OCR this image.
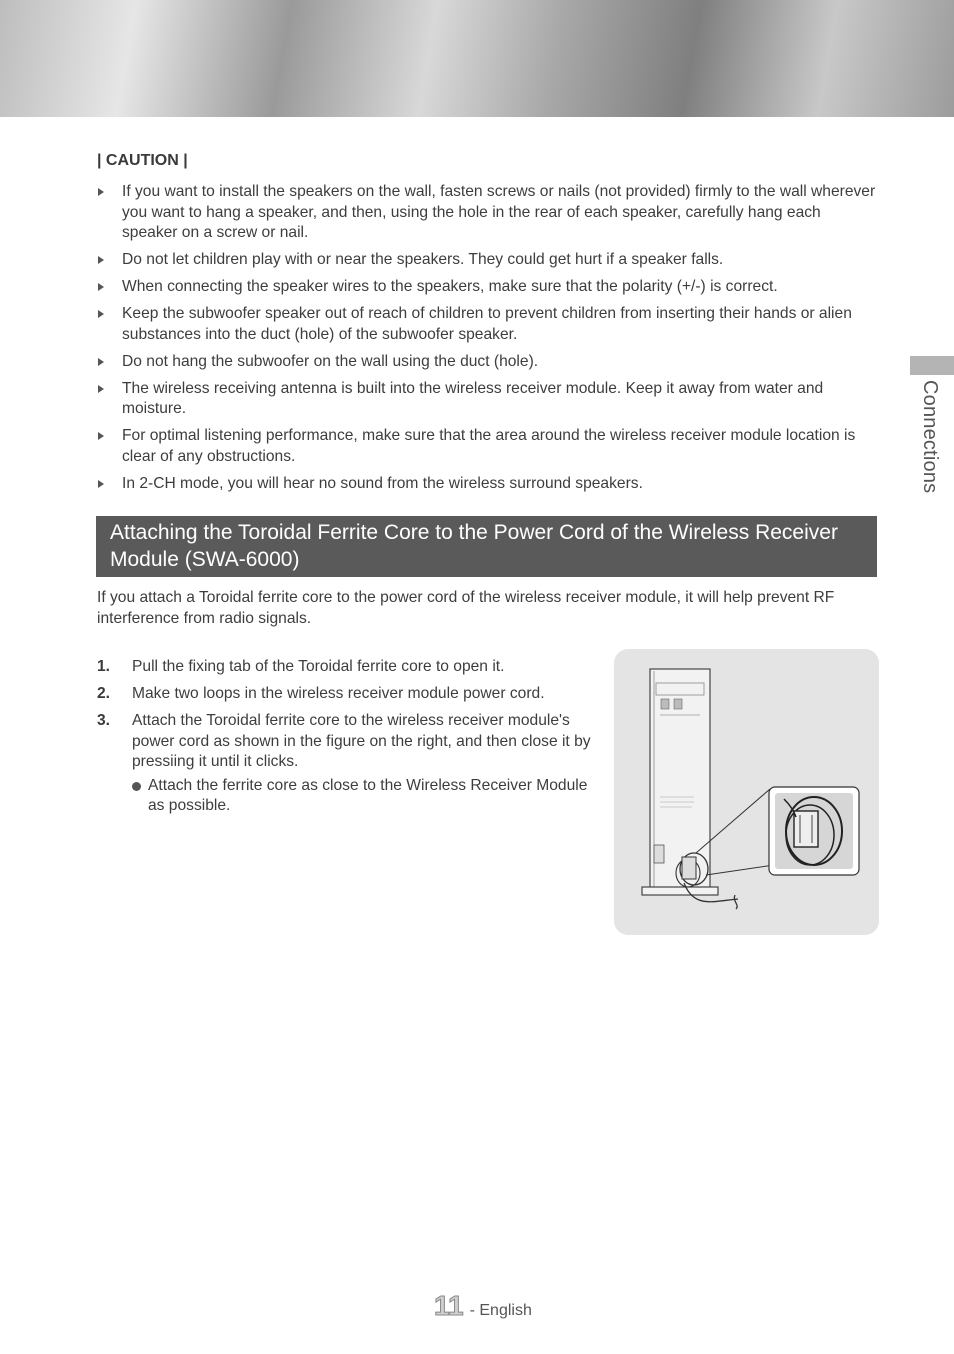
Connections
| CAUTION |
If you want to install the speakers on the wall, fasten screws or nails (not provided) firmly to the wall wherever you want to hang a speaker, and then, using the hole in the rear of each speaker, carefully hang each speaker on a screw or nail.
Do not let children play with or near the speakers. They could get hurt if a speaker falls.
When connecting the speaker wires to the speakers, make sure that the polarity (+/-) is correct.
Keep the subwoofer speaker out of reach of children to prevent children from inserting their hands or alien substances into the duct (hole) of the subwoofer speaker.
Do not hang the subwoofer on the wall using the duct (hole).
The wireless receiving antenna is built into the wireless receiver module. Keep it away from water and moisture.
For optimal listening performance, make sure that the area around the wireless receiver module location is clear of any obstructions.
In 2-CH mode, you will hear no sound from the wireless surround speakers.
Attaching the Toroidal Ferrite Core to the Power Cord of the Wireless Receiver Module (SWA-6000)
If you attach a Toroidal ferrite core to the power cord of the wireless receiver module, it will help prevent RF interference from radio signals.
1. Pull the fixing tab of the Toroidal ferrite core to open it.
2. Make two loops in the wireless receiver module power cord.
3. Attach the Toroidal ferrite core to the wireless receiver module's power cord as shown in the figure on the right, and then close it by pressiing it until it clicks.
Attach the ferrite core as close to the Wireless Receiver Module as possible.
11 - English
